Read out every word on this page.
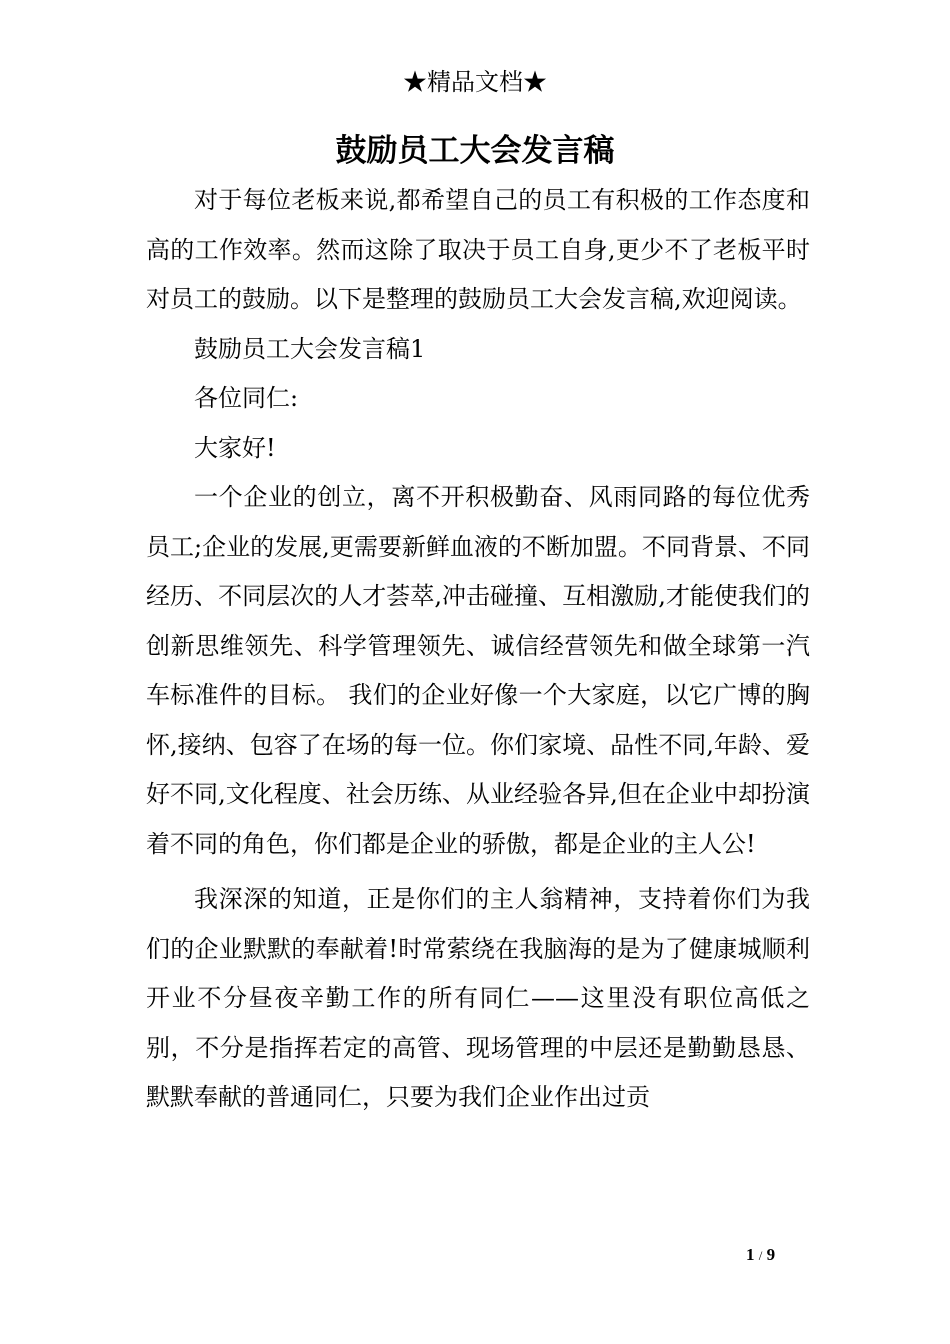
★精品文档★
鼓励员工大会发言稿

对于每位老板来说,都希望自己的员工有积极的工作态度和高的工作效率。然而这除了取决于员工自身,更少不了老板平时对员工的鼓励。以下是整理的鼓励员工大会发言稿,欢迎阅读。

鼓励员工大会发言稿1

各位同仁:

大家好!

一个企业的创立，离不开积极勤奋、风雨同路的每位优秀员工;企业的发展,更需要新鲜血液的不断加盟。不同背景、不同经历、不同层次的人才荟萃,冲击碰撞、互相激励,才能使我们的创新思维领先、科学管理领先、诚信经营领先和做全球第一汽车标准件的目标。 我们的企业好像一个大家庭，以它广博的胸怀,接纳、包容了在场的每一位。你们家境、品性不同,年龄、爱好不同,文化程度、社会历练、从业经验各异,但在企业中却扮演着不同的角色，你们都是企业的骄傲，都是企业的主人公!

我深深的知道，正是你们的主人翁精神，支持着你们为我们的企业默默的奉献着!时常萦绕在我脑海的是为了健康城顺利开业不分昼夜辛勤工作的所有同仁——这里没有职位高低之别，不分是指挥若定的高管、现场管理的中层还是勤勤恳恳、默默奉献的普通同仁，只要为我们企业作出过贡

1 / 9
